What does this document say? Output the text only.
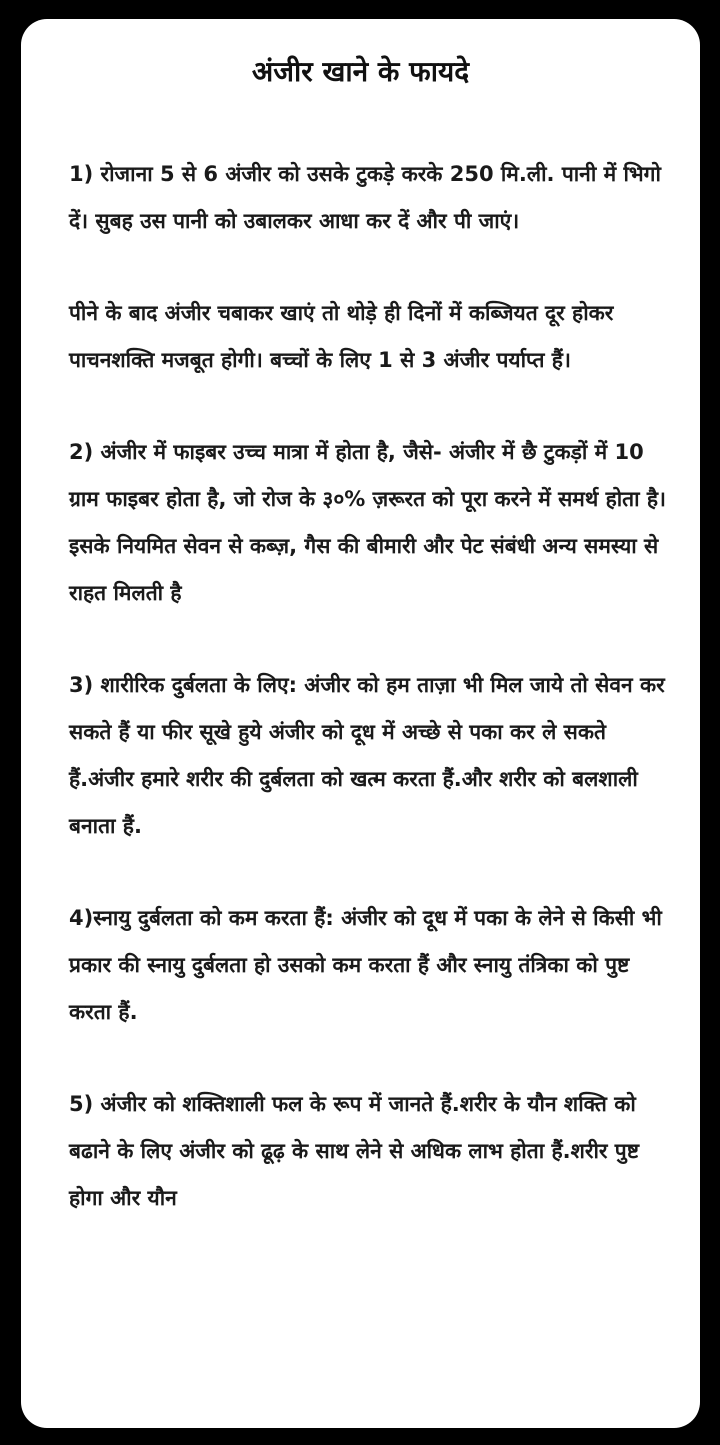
अंजीर खाने के फायदे

1) रोजाना 5 से 6 अंजीर को उसके टुकड़े करके 250 मि.ली. पानी में भिगो दें। सुबह उस पानी को उबालकर आधा कर दें और पी जाएं।

पीने के बाद अंजीर चबाकर खाएं तो थोड़े ही दिनों में कब्जियत दूर होकर पाचनशक्ति मजबूत होगी। बच्चों के लिए 1 से 3 अंजीर पर्याप्त हैं।

2) अंजीर में फाइबर उच्च मात्रा में होता है, जैसे- अंजीर में छै टुकड़ों में 10 ग्राम फाइबर होता है, जो रोज के ३०% ज़रूरत को पूरा करने में समर्थ होता है। इसके नियमित सेवन से कब्ज़, गैस की बीमारी और पेट संबंधी अन्य समस्या से राहत मिलती है

3) शारीरिक दुर्बलता के लिए: अंजीर को हम ताज़ा भी मिल जाये तो सेवन कर सकते हैं या फीर सूखे हुये अंजीर को दूध में अच्छे से पका कर ले सकते हैं.अंजीर हमारे शरीर की दुर्बलता को खत्म करता हैं.और शरीर को बलशाली बनाता हैं.

4)स्नायु दुर्बलता को कम करता हैं: अंजीर को दूध में पका के लेने से किसी भी प्रकार की स्नायु दुर्बलता हो उसको कम करता हैं और स्नायु तंत्रिका को पुष्ट करता हैं.

5) अंजीर को शक्तिशाली फल के रूप में जानते हैं.शरीर के यौन शक्ति को बढाने के लिए अंजीर को ढूढ़ के साथ लेने से अधिक लाभ होता हैं.शरीर पुष्ट होगा और यौन
